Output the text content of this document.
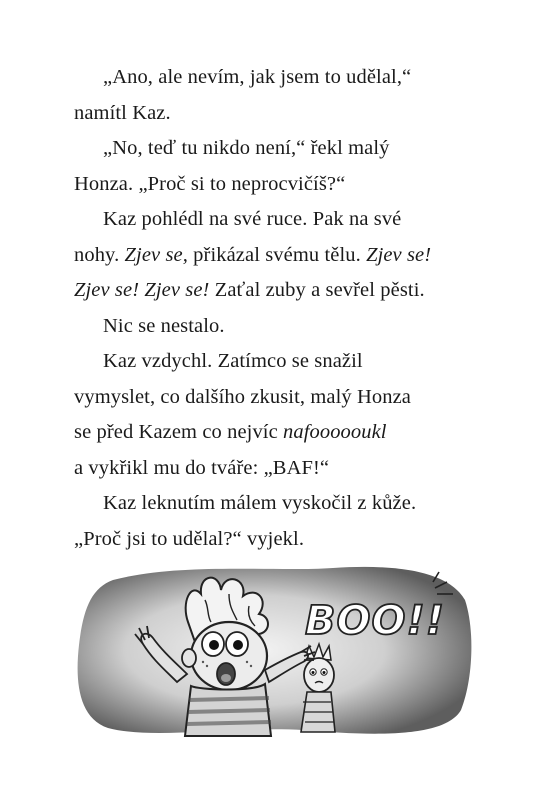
„Ano, ale nevím, jak jsem to udělal,“
namítl Kaz.
„No, teď tu nikdo není,“ řekl malý
Honza. „Proč si to neprocvičíš?“
Kaz pohlédl na své ruce. Pak na své
nohy. Zjev se, přikázal svému tělu. Zjev se!
Zjev se! Zjev se! Zaťal zuby a sevřel pěsti.
Nic se nestalo.
Kaz vzdychl. Zatímco se snažil
vymyslet, co dalšího zkusit, malý Honza
se před Kazem co nejvíc nafoooooukl
a vykřikl mu do tváře: „BAF!“
Kaz leknutím málem vyskočil z kůže.
„Proč jsi to udělal?“ vyjekl.
BOO!!
